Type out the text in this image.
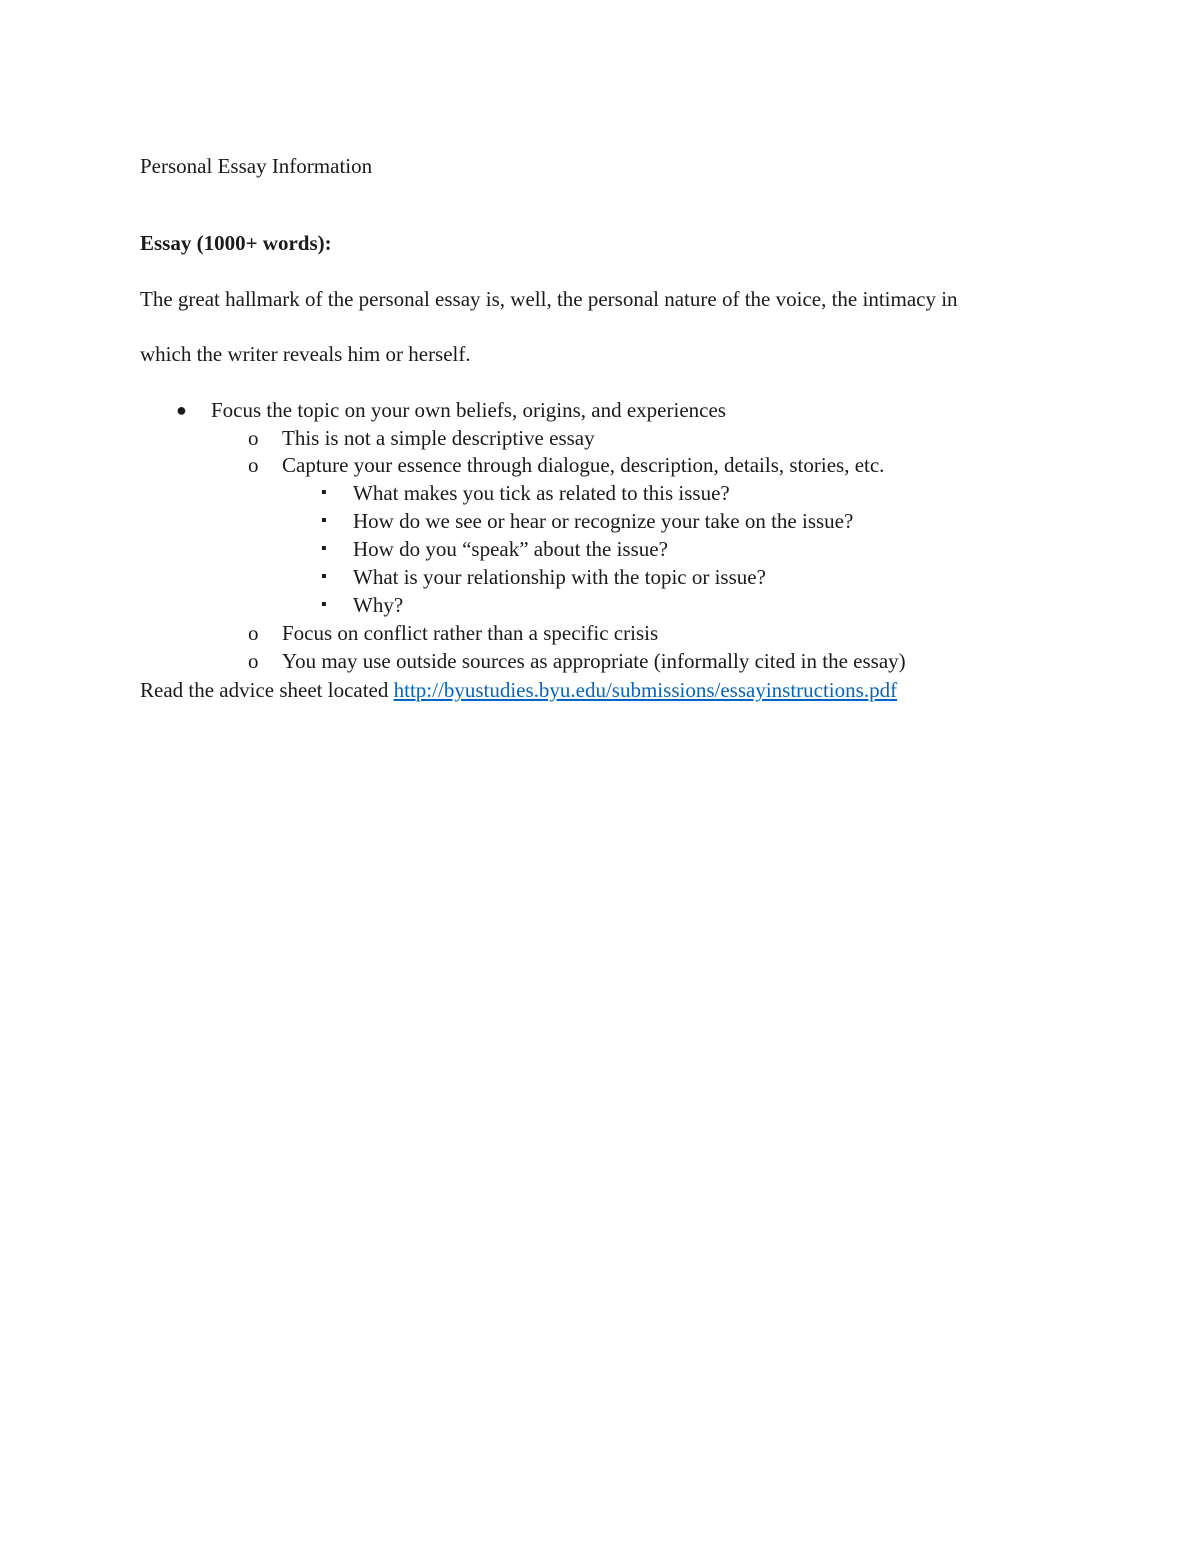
Personal Essay Information
Essay (1000+ words):
The great hallmark of the personal essay is, well, the personal nature of the voice, the intimacy in
which the writer reveals him or herself.
● Focus the topic on your own beliefs, origins, and experiences
o This is not a simple descriptive essay
o Capture your essence through dialogue, description, details, stories, etc.
▪ What makes you tick as related to this issue?
▪ How do we see or hear or recognize your take on the issue?
▪ How do you “speak” about the issue?
▪ What is your relationship with the topic or issue?
▪ Why?
o Focus on conflict rather than a specific crisis
o You may use outside sources as appropriate (informally cited in the essay)
Read the advice sheet located http://byustudies.byu.edu/submissions/essayinstructions.pdf
